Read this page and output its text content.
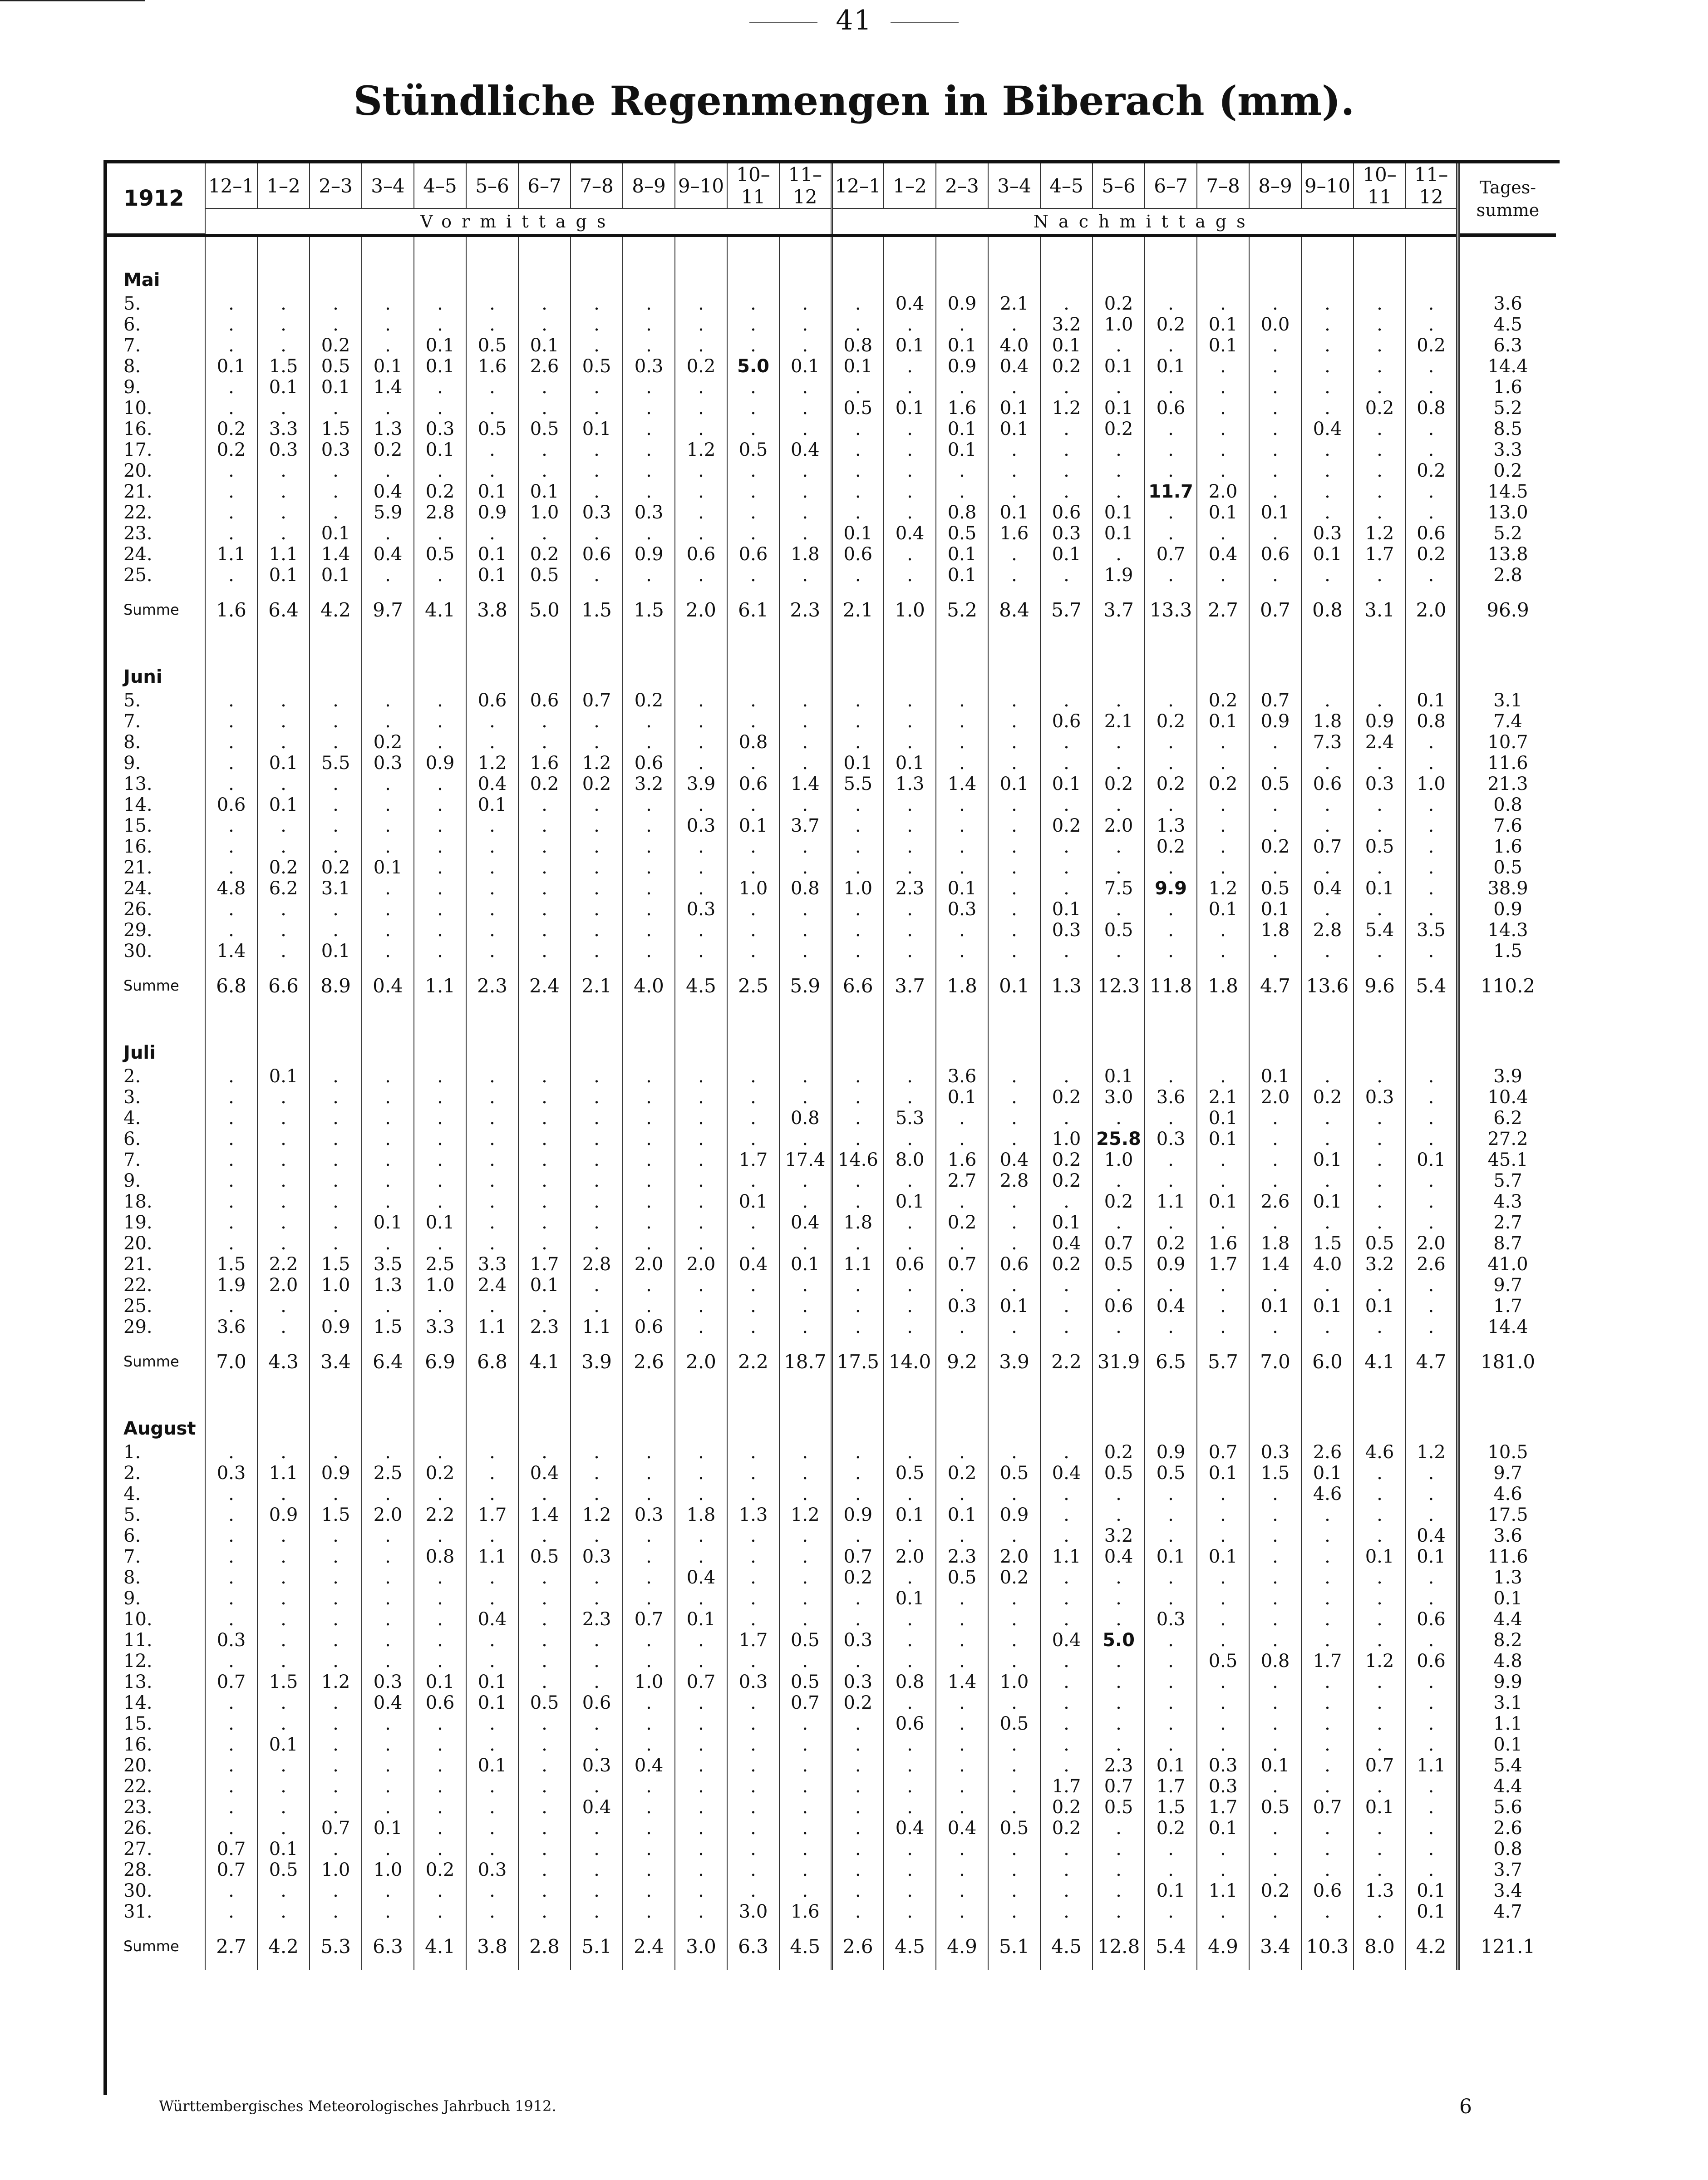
41
Stündliche Regenmengen in Biberach (mm).
1912	12–1	1–2	2–3	3–4	4–5	5–6	6–7	7–8	8–9	9–10	10–11	11–12	12–1	1–2	2–3	3–4	4–5	5–6	6–7	7–8	8–9	9–10	10–11	11–12	Tages-
summe
	Vormittags												Nachmittags												

Mai																									
5.	.	.	.	.	.	.	.	.	.	.	.	.	.	0.4	0.9	2.1	.	0.2	.	.	.	.	.	.	3.6
6.	.	.	.	.	.	.	.	.	.	.	.	.	.	.	.	.	3.2	1.0	0.2	0.1	0.0	.	.	.	4.5
7.	.	.	0.2	.	0.1	0.5	0.1	.	.	.	.	.	0.8	0.1	0.1	4.0	0.1	.	.	0.1	.	.	.	0.2	6.3
8.	0.1	1.5	0.5	0.1	0.1	1.6	2.6	0.5	0.3	0.2	5.0	0.1	0.1	.	0.9	0.4	0.2	0.1	0.1	.	.	.	.	.	14.4
9.	.	0.1	0.1	1.4	.	.	.	.	.	.	.	.	.	.	.	.	.	.	.	.	.	.	.	.	1.6
10.	.	.	.	.	.	.	.	.	.	.	.	.	0.5	0.1	1.6	0.1	1.2	0.1	0.6	.	.	.	0.2	0.8	5.2
16.	0.2	3.3	1.5	1.3	0.3	0.5	0.5	0.1	.	.	.	.	.	.	0.1	0.1	.	0.2	.	.	.	0.4	.	.	8.5
17.	0.2	0.3	0.3	0.2	0.1	.	.	.	.	1.2	0.5	0.4	.	.	0.1	.	.	.	.	.	.	.	.	.	3.3
20.	.	.	.	.	.	.	.	.	.	.	.	.	.	.	.	.	.	.	.	.	.	.	.	0.2	0.2
21.	.	.	.	0.4	0.2	0.1	0.1	.	.	.	.	.	.	.	.	.	.	.	11.7	2.0	.	.	.	.	14.5
22.	.	.	.	5.9	2.8	0.9	1.0	0.3	0.3	.	.	.	.	.	0.8	0.1	0.6	0.1	.	0.1	0.1	.	.	.	13.0
23.	.	.	0.1	.	.	.	.	.	.	.	.	.	0.1	0.4	0.5	1.6	0.3	0.1	.	.	.	0.3	1.2	0.6	5.2
24.	1.1	1.1	1.4	0.4	0.5	0.1	0.2	0.6	0.9	0.6	0.6	1.8	0.6	.	0.1	.	0.1	.	0.7	0.4	0.6	0.1	1.7	0.2	13.8
25.	.	0.1	0.1	.	.	0.1	0.5	.	.	.	.	.	.	.	0.1	.	.	1.9	.	.	.	.	.	.	2.8
Summe	1.6	6.4	4.2	9.7	4.1	3.8	5.0	1.5	1.5	2.0	6.1	2.3	2.1	1.0	5.2	8.4	5.7	3.7	13.3	2.7	0.7	0.8	3.1	2.0	96.9
Juni																									
5.	.	.	.	.	.	0.6	0.6	0.7	0.2	.	.	.	.	.	.	.	.	.	.	0.2	0.7	.	.	0.1	3.1
7.	.	.	.	.	.	.	.	.	.	.	.	.	.	.	.	.	0.6	2.1	0.2	0.1	0.9	1.8	0.9	0.8	7.4
8.	.	.	.	0.2	.	.	.	.	.	.	0.8	.	.	.	.	.	.	.	.	.	.	7.3	2.4	.	10.7
9.	.	0.1	5.5	0.3	0.9	1.2	1.6	1.2	0.6	.	.	.	0.1	0.1	.	.	.	.	.	.	.	.	.	.	11.6
13.	.	.	.	.	.	0.4	0.2	0.2	3.2	3.9	0.6	1.4	5.5	1.3	1.4	0.1	0.1	0.2	0.2	0.2	0.5	0.6	0.3	1.0	21.3
14.	0.6	0.1	.	.	.	0.1	.	.	.	.	.	.	.	.	.	.	.	.	.	.	.	.	.	.	0.8
15.	.	.	.	.	.	.	.	.	.	0.3	0.1	3.7	.	.	.	.	0.2	2.0	1.3	.	.	.	.	.	7.6
16.	.	.	.	.	.	.	.	.	.	.	.	.	.	.	.	.	.	.	0.2	.	0.2	0.7	0.5	.	1.6
21.	.	0.2	0.2	0.1	.	.	.	.	.	.	.	.	.	.	.	.	.	.	.	.	.	.	.	.	0.5
24.	4.8	6.2	3.1	.	.	.	.	.	.	.	1.0	0.8	1.0	2.3	0.1	.	.	7.5	9.9	1.2	0.5	0.4	0.1	.	38.9
26.	.	.	.	.	.	.	.	.	.	0.3	.	.	.	.	0.3	.	0.1	.	.	0.1	0.1	.	.	.	0.9
29.	.	.	.	.	.	.	.	.	.	.	.	.	.	.	.	.	0.3	0.5	.	.	1.8	2.8	5.4	3.5	14.3
30.	1.4	.	0.1	.	.	.	.	.	.	.	.	.	.	.	.	.	.	.	.	.	.	.	.	.	1.5
Summe	6.8	6.6	8.9	0.4	1.1	2.3	2.4	2.1	4.0	4.5	2.5	5.9	6.6	3.7	1.8	0.1	1.3	12.3	11.8	1.8	4.7	13.6	9.6	5.4	110.2
Juli																									
2.	.	0.1	.	.	.	.	.	.	.	.	.	.	.	.	3.6	.	.	0.1	.	.	0.1	.	.	.	3.9
3.	.	.	.	.	.	.	.	.	.	.	.	.	.	.	0.1	.	0.2	3.0	3.6	2.1	2.0	0.2	0.3	.	10.4
4.	.	.	.	.	.	.	.	.	.	.	.	0.8	.	5.3	.	.	.	.	.	0.1	.	.	.	.	6.2
6.	.	.	.	.	.	.	.	.	.	.	.	.	.	.	.	.	1.0	25.8	0.3	0.1	.	.	.	.	27.2
7.	.	.	.	.	.	.	.	.	.	.	1.7	17.4	14.6	8.0	1.6	0.4	0.2	1.0	.	.	.	0.1	.	0.1	45.1
9.	.	.	.	.	.	.	.	.	.	.	.	.	.	.	2.7	2.8	0.2	.	.	.	.	.	.	.	5.7
18.	.	.	.	.	.	.	.	.	.	.	0.1	.	.	0.1	.	.	.	0.2	1.1	0.1	2.6	0.1	.	.	4.3
19.	.	.	.	0.1	0.1	.	.	.	.	.	.	0.4	1.8	.	0.2	.	0.1	.	.	.	.	.	.	.	2.7
20.	.	.	.	.	.	.	.	.	.	.	.	.	.	.	.	.	0.4	0.7	0.2	1.6	1.8	1.5	0.5	2.0	8.7
21.	1.5	2.2	1.5	3.5	2.5	3.3	1.7	2.8	2.0	2.0	0.4	0.1	1.1	0.6	0.7	0.6	0.2	0.5	0.9	1.7	1.4	4.0	3.2	2.6	41.0
22.	1.9	2.0	1.0	1.3	1.0	2.4	0.1	.	.	.	.	.	.	.	.	.	.	.	.	.	.	.	.	.	9.7
25.	.	.	.	.	.	.	.	.	.	.	.	.	.	.	0.3	0.1	.	0.6	0.4	.	0.1	0.1	0.1	.	1.7
29.	3.6	.	0.9	1.5	3.3	1.1	2.3	1.1	0.6	.	.	.	.	.	.	.	.	.	.	.	.	.	.	.	14.4
Summe	7.0	4.3	3.4	6.4	6.9	6.8	4.1	3.9	2.6	2.0	2.2	18.7	17.5	14.0	9.2	3.9	2.2	31.9	6.5	5.7	7.0	6.0	4.1	4.7	181.0
August																									
1.	.	.	.	.	.	.	.	.	.	.	.	.	.	.	.	.	.	0.2	0.9	0.7	0.3	2.6	4.6	1.2	10.5
2.	0.3	1.1	0.9	2.5	0.2	.	0.4	.	.	.	.	.	.	0.5	0.2	0.5	0.4	0.5	0.5	0.1	1.5	0.1	.	.	9.7
4.	.	.	.	.	.	.	.	.	.	.	.	.	.	.	.	.	.	.	.	.	.	4.6	.	.	4.6
5.	.	0.9	1.5	2.0	2.2	1.7	1.4	1.2	0.3	1.8	1.3	1.2	0.9	0.1	0.1	0.9	.	.	.	.	.	.	.	.	17.5
6.	.	.	.	.	.	.	.	.	.	.	.	.	.	.	.	.	.	3.2	.	.	.	.	.	0.4	3.6
7.	.	.	.	.	0.8	1.1	0.5	0.3	.	.	.	.	0.7	2.0	2.3	2.0	1.1	0.4	0.1	0.1	.	.	0.1	0.1	11.6
8.	.	.	.	.	.	.	.	.	.	0.4	.	.	0.2	.	0.5	0.2	.	.	.	.	.	.	.	.	1.3
9.	.	.	.	.	.	.	.	.	.	.	.	.	.	0.1	.	.	.	.	.	.	.	.	.	.	0.1
10.	.	.	.	.	.	0.4	.	2.3	0.7	0.1	.	.	.	.	.	.	.	.	0.3	.	.	.	.	0.6	4.4
11.	0.3	.	.	.	.	.	.	.	.	.	1.7	0.5	0.3	.	.	.	0.4	5.0	.	.	.	.	.	.	8.2
12.	.	.	.	.	.	.	.	.	.	.	.	.	.	.	.	.	.	.	.	0.5	0.8	1.7	1.2	0.6	4.8
13.	0.7	1.5	1.2	0.3	0.1	0.1	.	.	1.0	0.7	0.3	0.5	0.3	0.8	1.4	1.0	.	.	.	.	.	.	.	.	9.9
14.	.	.	.	0.4	0.6	0.1	0.5	0.6	.	.	.	0.7	0.2	.	.	.	.	.	.	.	.	.	.	.	3.1
15.	.	.	.	.	.	.	.	.	.	.	.	.	.	0.6	.	0.5	.	.	.	.	.	.	.	.	1.1
16.	.	0.1	.	.	.	.	.	.	.	.	.	.	.	.	.	.	.	.	.	.	.	.	.	.	0.1
20.	.	.	.	.	.	0.1	.	0.3	0.4	.	.	.	.	.	.	.	.	2.3	0.1	0.3	0.1	.	0.7	1.1	5.4
22.	.	.	.	.	.	.	.	.	.	.	.	.	.	.	.	.	1.7	0.7	1.7	0.3	.	.	.	.	4.4
23.	.	.	.	.	.	.	.	0.4	.	.	.	.	.	.	.	.	0.2	0.5	1.5	1.7	0.5	0.7	0.1	.	5.6
26.	.	.	0.7	0.1	.	.	.	.	.	.	.	.	.	0.4	0.4	0.5	0.2	.	0.2	0.1	.	.	.	.	2.6
27.	0.7	0.1	.	.	.	.	.	.	.	.	.	.	.	.	.	.	.	.	.	.	.	.	.	.	0.8
28.	0.7	0.5	1.0	1.0	0.2	0.3	.	.	.	.	.	.	.	.	.	.	.	.	.	.	.	.	.	.	3.7
30.	.	.	.	.	.	.	.	.	.	.	.	.	.	.	.	.	.	.	0.1	1.1	0.2	0.6	1.3	0.1	3.4
31.	.	.	.	.	.	.	.	.	.	.	3.0	1.6	.	.	.	.	.	.	.	.	.	.	.	0.1	4.7
Summe	2.7	4.2	5.3	6.3	4.1	3.8	2.8	5.1	2.4	3.0	6.3	4.5	2.6	4.5	4.9	5.1	4.5	12.8	5.4	4.9	3.4	10.3	8.0	4.2	121.1
Württembergisches Meteorologisches Jahrbuch 1912.	6
